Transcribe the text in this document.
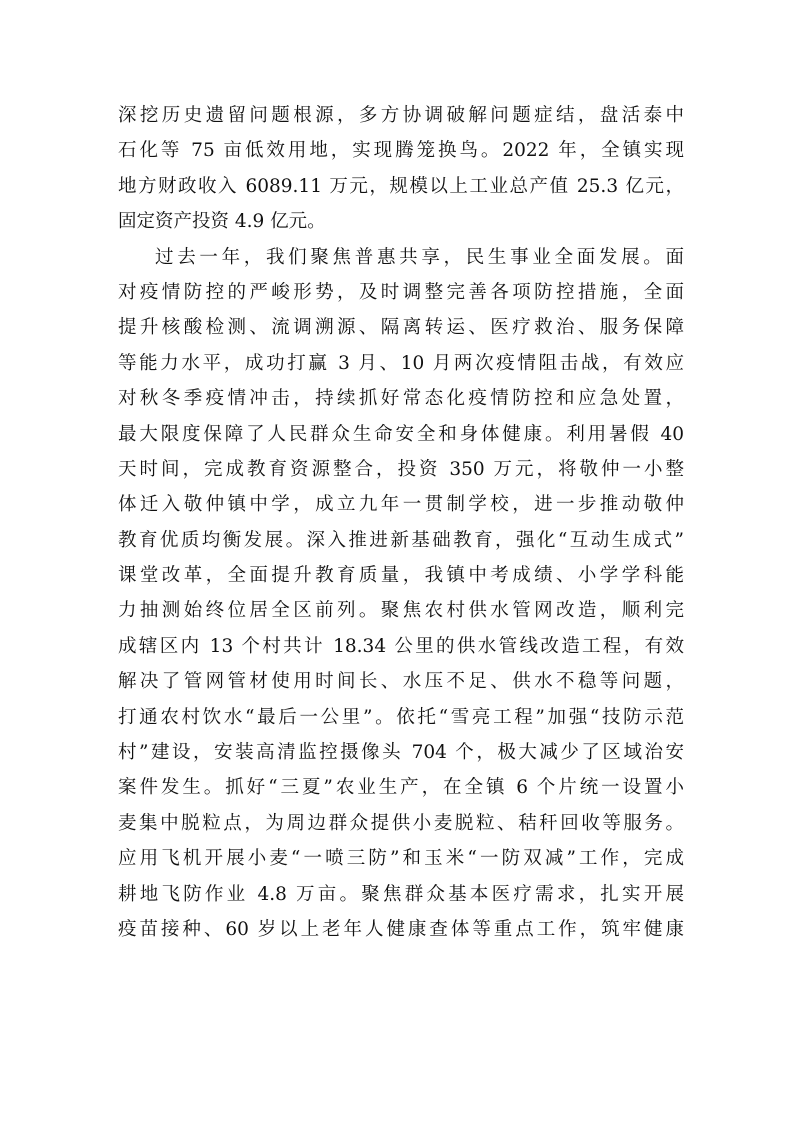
深挖历史遗留问题根源，多方协调破解问题症结，盘活泰中
石化等 75 亩低效用地，实现腾笼换鸟。2022 年，全镇实现
地方财政收入 6089.11 万元，规模以上工业总产值 25.3 亿元，
固定资产投资 4.9 亿元。
过去一年，我们聚焦普惠共享，民生事业全面发展。面
对疫情防控的严峻形势，及时调整完善各项防控措施，全面
提升核酸检测、流调溯源、隔离转运、医疗救治、服务保障
等能力水平，成功打赢 3 月、10 月两次疫情阻击战，有效应
对秋冬季疫情冲击，持续抓好常态化疫情防控和应急处置，
最大限度保障了人民群众生命安全和身体健康。利用暑假 40
天时间，完成教育资源整合，投资 350 万元，将敬仲一小整
体迁入敬仲镇中学，成立九年一贯制学校，进一步推动敬仲
教育优质均衡发展。深入推进新基础教育，强化“互动生成式”
课堂改革，全面提升教育质量，我镇中考成绩、小学学科能
力抽测始终位居全区前列。聚焦农村供水管网改造，顺利完
成辖区内 13 个村共计 18.34 公里的供水管线改造工程，有效
解决了管网管材使用时间长、水压不足、供水不稳等问题，
打通农村饮水“最后一公里”。依托“雪亮工程”加强“技防示范
村”建设，安装高清监控摄像头 704 个，极大减少了区域治安
案件发生。抓好“三夏”农业生产，在全镇 6 个片统一设置小
麦集中脱粒点，为周边群众提供小麦脱粒、秸秆回收等服务。
应用飞机开展小麦“一喷三防”和玉米“一防双减”工作，完成
耕地飞防作业 4.8 万亩。聚焦群众基本医疗需求，扎实开展
疫苗接种、60 岁以上老年人健康查体等重点工作，筑牢健康
